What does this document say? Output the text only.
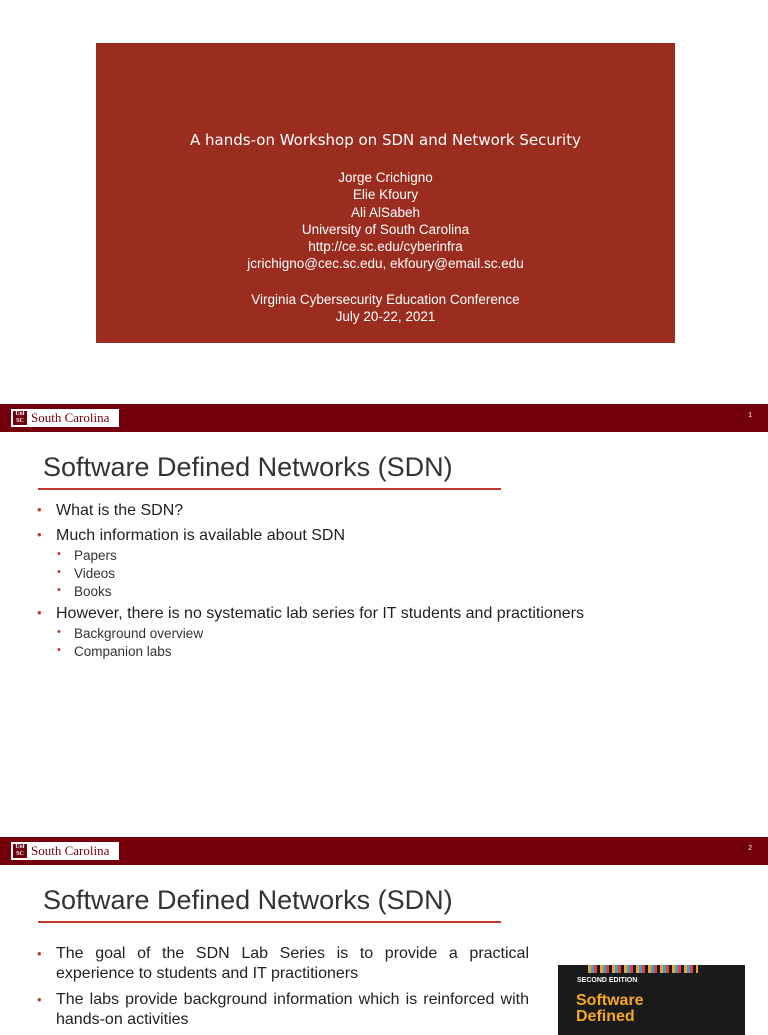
A hands-on Workshop on SDN and Network Security
Jorge Crichigno
Elie Kfoury
Ali AlSabeh
University of South Carolina
http://ce.sc.edu/cyberinfra
jcrichigno@cec.sc.edu, ekfoury@email.sc.edu
Virginia Cybersecurity Education Conference
July 20-22, 2021
Uof
SC South Carolina	1
Software Defined Networks (SDN)
• What is the SDN?
• Much information is available about SDN
• Papers
• Videos
• Books
• However, there is no systematic lab series for IT students and practitioners
• Background overview
• Companion labs
Uof
SC South Carolina	2
Software Defined Networks (SDN)
• The goal of the SDN Lab Series is to provide a practical experience to students and IT practitioners
• The labs provide background information which is reinforced with hands-on activities
SECOND EDITION
Software
Defined
